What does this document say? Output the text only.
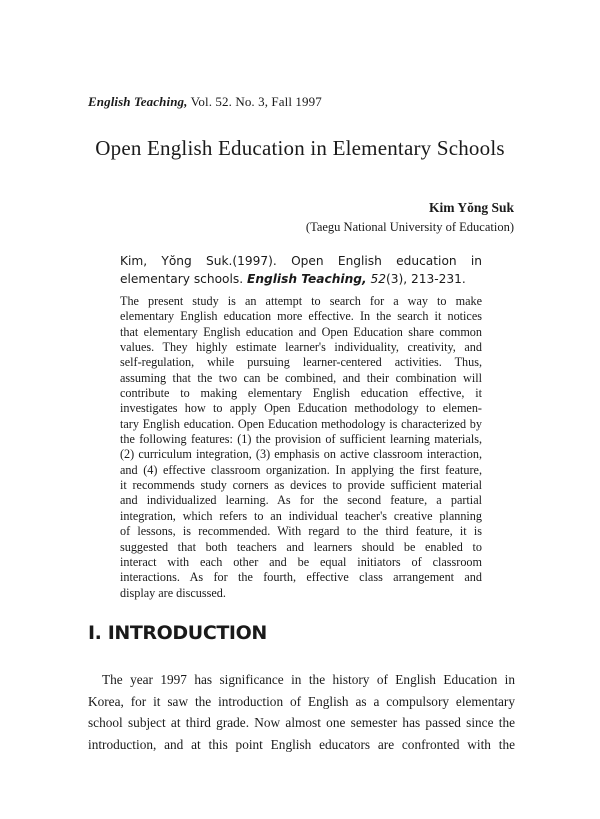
English Teaching, Vol. 52. No. 3, Fall 1997
Open English Education in Elementary Schools
Kim Yŏng Suk
(Taegu National University of Education)
Kim, Yŏng Suk.(1997). Open English education in elementary schools. English Teaching, 52(3), 213-231.
The present study is an attempt to search for a way to make
elementary English education more effective. In the search it notices
that elementary English education and Open Education share common
values. They highly estimate learner's individuality, creativity, and
self-regulation, while pursuing learner-centered activities. Thus,
assuming that the two can be combined, and their combination will
contribute to making elementary English education effective, it
investigates how to apply Open Education methodology to elemen-
tary English education. Open Education methodology is characterized by
the following features: (1) the provision of sufficient learning materials,
(2) curriculum integration, (3) emphasis on active classroom interaction,
and (4) effective classroom organization. In applying the first feature,
it recommends study corners as devices to provide sufficient material
and individualized learning. As for the second feature, a partial
integration, which refers to an individual teacher's creative planning
of lessons, is recommended. With regard to the third feature, it is
suggested that both teachers and learners should be enabled to
interact with each other and be equal initiators of classroom
interactions. As for the fourth, effective class arrangement and
display are discussed.
I. INTRODUCTION
The year 1997 has significance in the history of English Education in
Korea, for it saw the introduction of English as a compulsory elementary
school subject at third grade. Now almost one semester has passed since the
introduction, and at this point English educators are confronted with the
